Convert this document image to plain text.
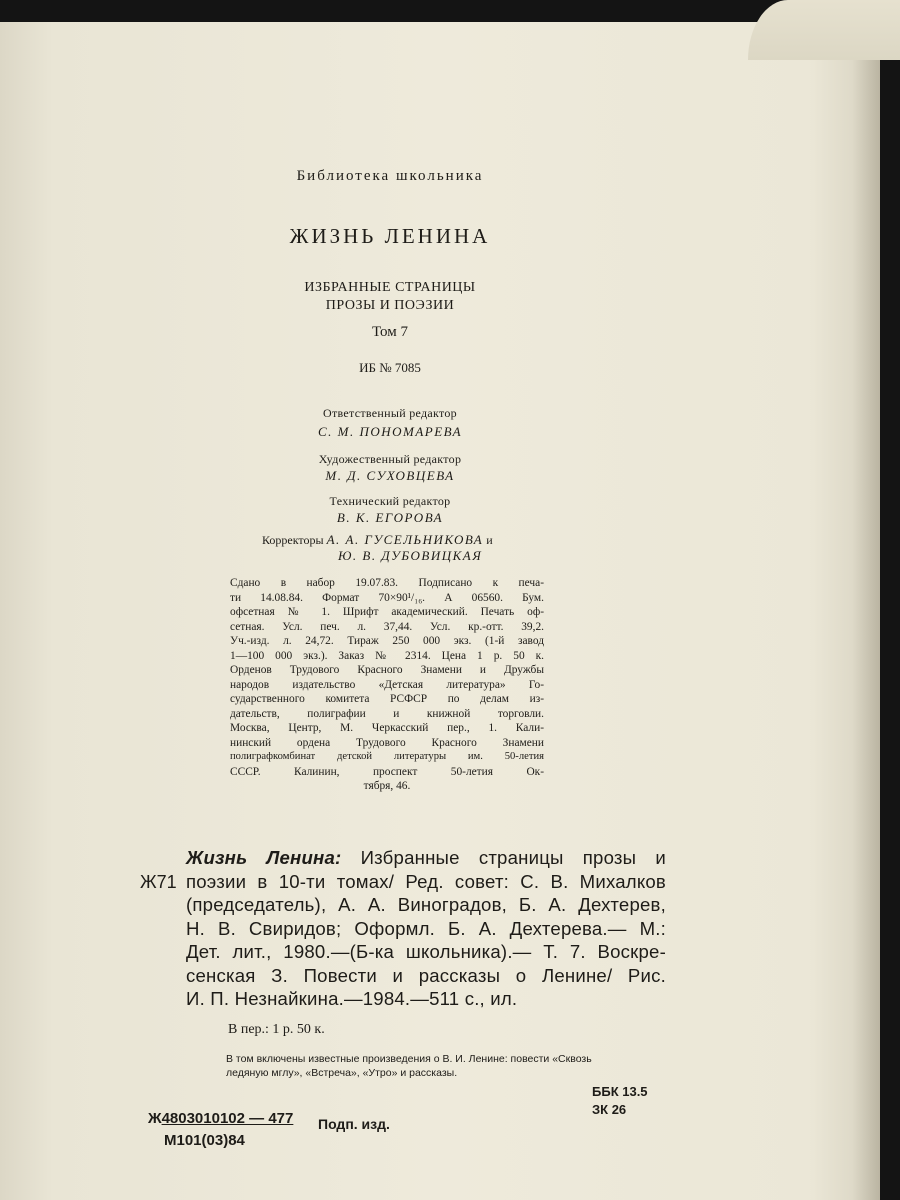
Библиотека школьника
ЖИЗНЬ ЛЕНИНА
ИЗБРАННЫЕ СТРАНИЦЫ
ПРОЗЫ И ПОЭЗИИ
Том 7
ИБ № 7085
Ответственный редактор
С. М. ПОНОМАРЕВА
Художественный редактор
М. Д. СУХОВЦЕВА
Технический редактор
В. К. ЕГОРОВА
Корректоры А. А. ГУСЕЛЬНИКОВА и
Ю. В. ДУБОВИЦКАЯ
Сдано в набор 19.07.83. Подписано к печа-
ти 14.08.84. Формат 70×90¹/₁₆. А 06560. Бум.
офсетная № 1. Шрифт академический. Печать оф-
сетная. Усл. печ. л. 37,44. Усл. кр.-отт. 39,2.
Уч.-изд. л. 24,72. Тираж 250 000 экз. (1-й завод
1—100 000 экз.). Заказ № 2314. Цена 1 р. 50 к.
Орденов Трудового Красного Знамени и Дружбы
народов издательство «Детская литература» Го-
сударственного комитета РСФСР по делам из-
дательств, полиграфии и книжной торговли.
Москва, Центр, М. Черкасский пер., 1. Кали-
нинский ордена Трудового Красного Знамени
полиграфкомбинат детской литературы им. 50-летия
СССР. Калинин, проспект 50-летия Ок-
тября, 46.
Ж71
Жизнь Ленина: Избранные страницы прозы и
поэзии в 10-ти томах/ Ред. совет: С. В. Михалков
(председатель), А. А. Виноградов, Б. А. Дехтерев,
Н. В. Свиридов; Оформл. Б. А. Дехтерева.— М.:
Дет. лит., 1980.—(Б-ка школьника).— Т. 7. Воскре-
сенская З. Повести и рассказы о Ленине/ Рис.
И. П. Незнайкина.—1984.—511 с., ил.
В пер.: 1 р. 50 к.
В том включены известные произведения о В. И. Ленине: повести «Сквозь
ледяную мглу», «Встреча», «Утро» и рассказы.
ББК 13.5
ЗК 26
Ж4803010102 — 477
М101(03)84
Подп. изд.
